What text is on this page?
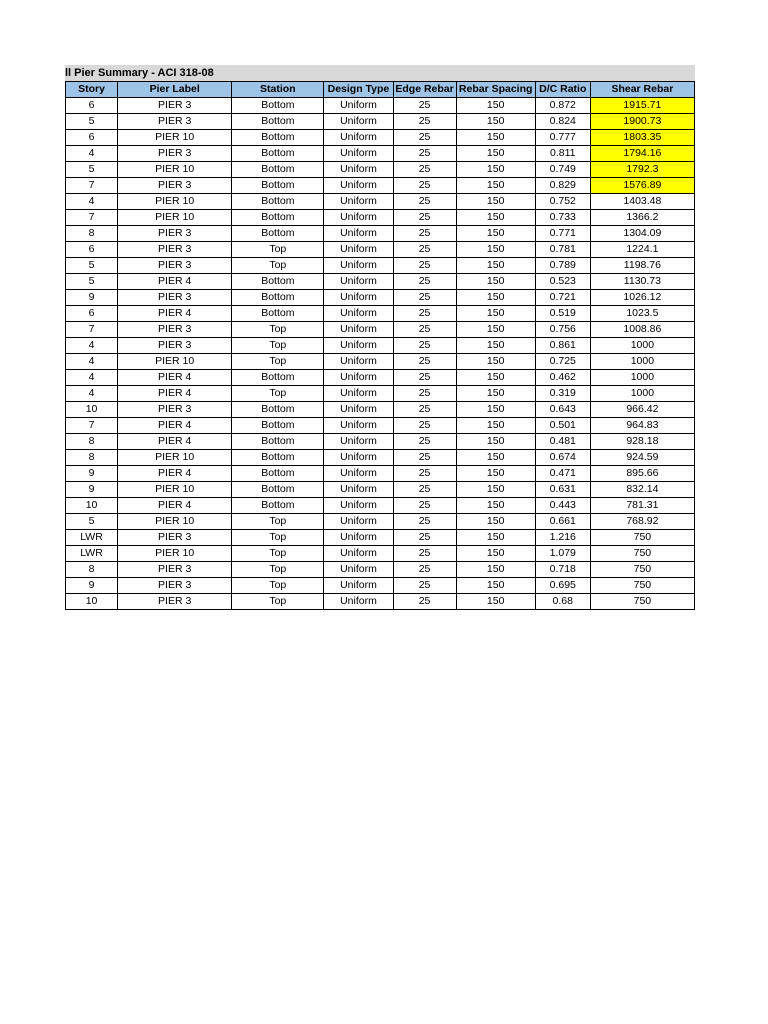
ll Pier Summary - ACI 318-08
Story	Pier Label	Station	Design Type	Edge Rebar	Rebar Spacing	D/C Ratio	Shear Rebar
6	PIER 3	Bottom	Uniform	25	150	0.872	1915.71
5	PIER 3	Bottom	Uniform	25	150	0.824	1900.73
6	PIER 10	Bottom	Uniform	25	150	0.777	1803.35
4	PIER 3	Bottom	Uniform	25	150	0.811	1794.16
5	PIER 10	Bottom	Uniform	25	150	0.749	1792.3
7	PIER 3	Bottom	Uniform	25	150	0.829	1576.89
4	PIER 10	Bottom	Uniform	25	150	0.752	1403.48
7	PIER 10	Bottom	Uniform	25	150	0.733	1366.2
8	PIER 3	Bottom	Uniform	25	150	0.771	1304.09
6	PIER 3	Top	Uniform	25	150	0.781	1224.1
5	PIER 3	Top	Uniform	25	150	0.789	1198.76
5	PIER 4	Bottom	Uniform	25	150	0.523	1130.73
9	PIER 3	Bottom	Uniform	25	150	0.721	1026.12
6	PIER 4	Bottom	Uniform	25	150	0.519	1023.5
7	PIER 3	Top	Uniform	25	150	0.756	1008.86
4	PIER 3	Top	Uniform	25	150	0.861	1000
4	PIER 10	Top	Uniform	25	150	0.725	1000
4	PIER 4	Bottom	Uniform	25	150	0.462	1000
4	PIER 4	Top	Uniform	25	150	0.319	1000
10	PIER 3	Bottom	Uniform	25	150	0.643	966.42
7	PIER 4	Bottom	Uniform	25	150	0.501	964.83
8	PIER 4	Bottom	Uniform	25	150	0.481	928.18
8	PIER 10	Bottom	Uniform	25	150	0.674	924.59
9	PIER 4	Bottom	Uniform	25	150	0.471	895.66
9	PIER 10	Bottom	Uniform	25	150	0.631	832.14
10	PIER 4	Bottom	Uniform	25	150	0.443	781.31
5	PIER 10	Top	Uniform	25	150	0.661	768.92
LWR	PIER 3	Top	Uniform	25	150	1.216	750
LWR	PIER 10	Top	Uniform	25	150	1.079	750
8	PIER 3	Top	Uniform	25	150	0.718	750
9	PIER 3	Top	Uniform	25	150	0.695	750
10	PIER 3	Top	Uniform	25	150	0.68	750
